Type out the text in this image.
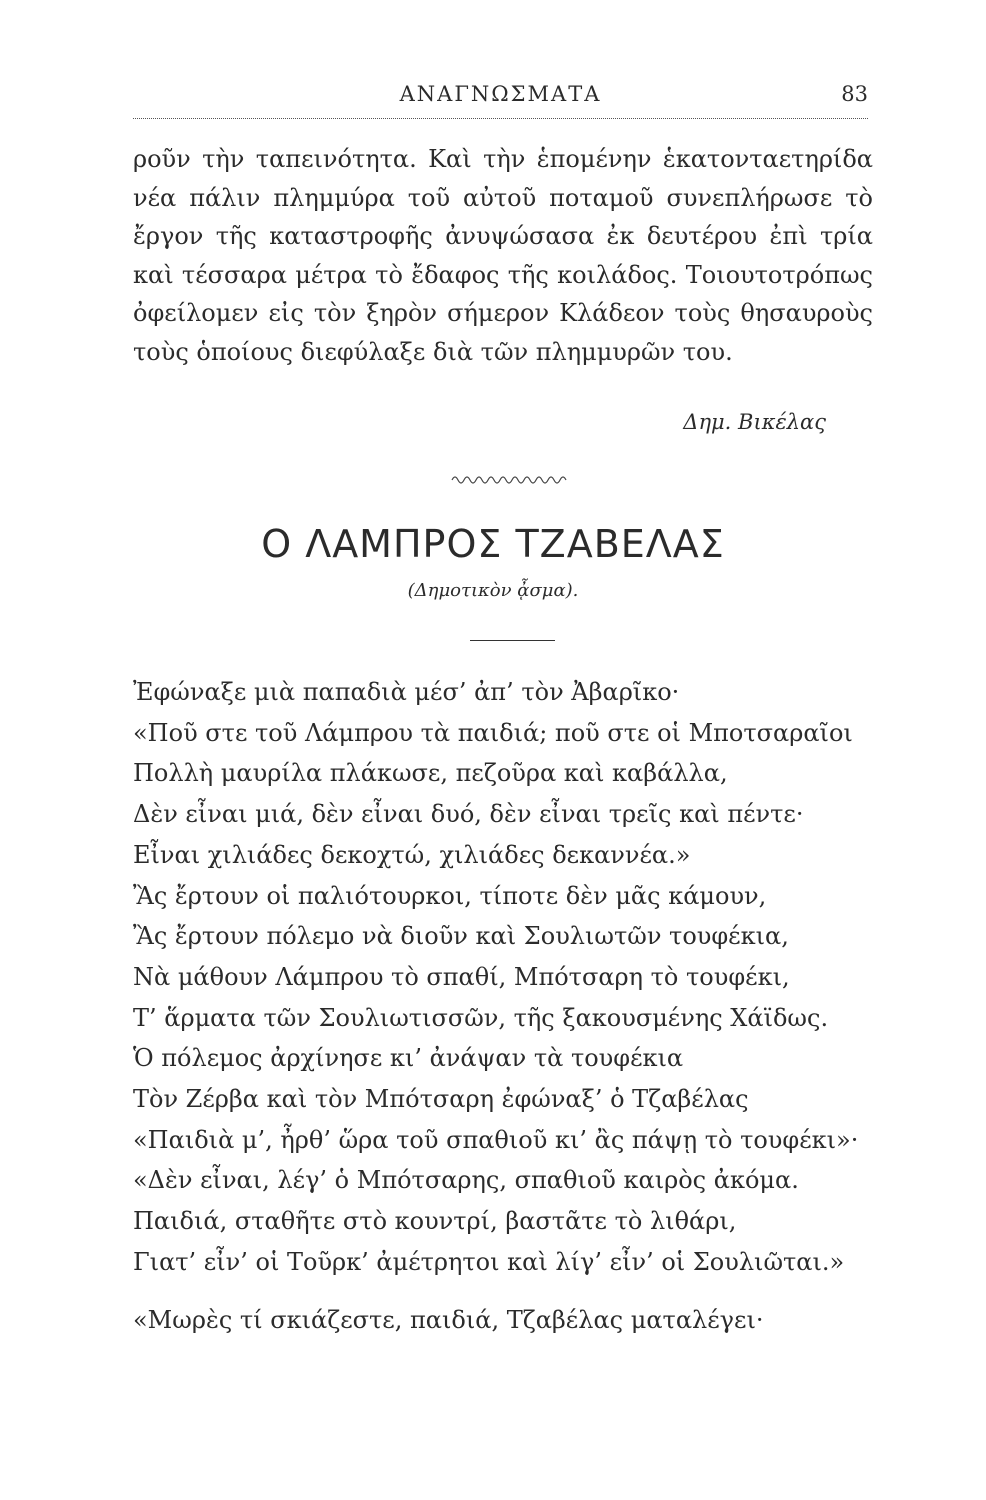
ΑΝΑΓΝΩΣΜΑΤΑ	83

ρoῦν τὴν ταπεινότητα. Καὶ τὴν ἑπομένην ἑκατονταετηρίδα νέα πάλιν πλημμύρα τοῦ αὐτοῦ ποταμοῦ συνεπλήρωσε τὸ ἔργον τῆς καταστροφῆς ἀνυψώσασα ἐκ δευτέρου ἐπὶ τρία καὶ τέσσαρα μέτρα τὸ ἔδαφος τῆς κοιλάδος. Τοιουτοτρόπως ὀφείλομεν εἰς τὸν ξηρὸν σήμερον Κλάδεον τοὺς θησαυροὺς τοὺς ὁποίους διεφύλαξε διὰ τῶν πλημμυρῶν του.

Δημ. Βικέλας
Ο ΛΑΜΠΡΟΣ ΤΖΑΒΕΛΑΣ
(Δημοτικὸν ᾆσμα).
Ἐφώναξε μιὰ παπαδιὰ μέσ’ ἀπ’ τὸν Ἀβαρῖκο·
«Ποῦ στε τοῦ Λάμπρου τὰ παιδιά; ποῦ στε οἱ Μποτσαραῖοι
Πολλὴ μαυρίλα πλάκωσε, πεζοῦρα καὶ καβάλλα,
Δὲν εἶναι μιά, δὲν εἶναι δυό, δὲν εἶναι τρεῖς καὶ πέντε·
Εἶναι χιλιάδες δεκοχτώ, χιλιάδες δεκαννέα.»
Ἂς ἔρτουν οἱ παλιότουρκοι, τίποτε δὲν μᾶς κάμουν,
Ἂς ἔρτουν πόλεμο νὰ διοῦν καὶ Σουλιωτῶν τουφέκια,
Νὰ μάθουν Λάμπρου τὸ σπαθί, Μπότσαρη τὸ τουφέκι,
Τ’ ἅρματα τῶν Σουλιωτισσῶν, τῆς ξακουσμένης Χάϊδως.
Ὁ πόλεμος ἀρχίνησε κι’ ἀνάψαν τὰ τουφέκια
Τὸν Ζέρβα καὶ τὸν Μπότσαρη ἐφώναξ’ ὁ Τζαβέλας
«Παιδιὰ μ’, ἦρθ’ ὥρα τοῦ σπαθιοῦ κι’ ἂς πάψῃ τὸ τουφέκι»·
«Δὲν εἶναι, λέγ’ ὁ Μπότσαρης, σπαθιοῦ καιρὸς ἀκόμα.
Παιδιά, σταθῆτε στὸ κουντρί, βαστᾶτε τὸ λιθάρι,
Γιατ’ εἶν’ οἱ Τοῦρκ’ ἀμέτρητοι καὶ λίγ’ εἶν’ οἱ Σουλιῶται.»
«Μωρὲς τί σκιάζεστε, παιδιά, Τζαβέλας ματαλέγει·
